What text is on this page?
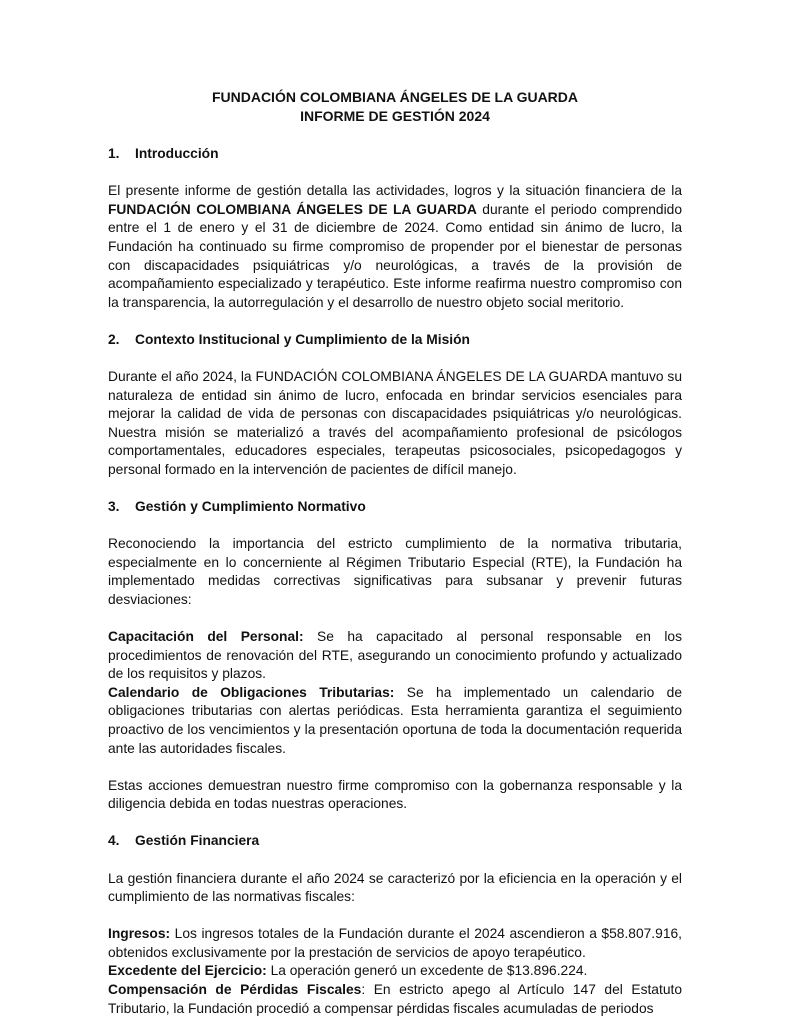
FUNDACIÓN COLOMBIANA ÁNGELES DE LA GUARDA
INFORME DE GESTIÓN 2024
1.	Introducción

El presente informe de gestión detalla las actividades, logros y la situación financiera de la FUNDACIÓN COLOMBIANA ÁNGELES DE LA GUARDA durante el periodo comprendido entre el 1 de enero y el 31 de diciembre de 2024. Como entidad sin ánimo de lucro, la Fundación ha continuado su firme compromiso de propender por el bienestar de personas con discapacidades psiquiátricas y/o neurológicas, a través de la provisión de acompañamiento especializado y terapéutico. Este informe reafirma nuestro compromiso con la transparencia, la autorregulación y el desarrollo de nuestro objeto social meritorio.

2.	Contexto Institucional y Cumplimiento de la Misión

Durante el año 2024, la FUNDACIÓN COLOMBIANA ÁNGELES DE LA GUARDA mantuvo su naturaleza de entidad sin ánimo de lucro, enfocada en brindar servicios esenciales para mejorar la calidad de vida de personas con discapacidades psiquiátricas y/o neurológicas. Nuestra misión se materializó a través del acompañamiento profesional de psicólogos comportamentales, educadores especiales, terapeutas psicosociales, psicopedagogos y personal formado en la intervención de pacientes de difícil manejo.

3.	Gestión y Cumplimiento Normativo

Reconociendo la importancia del estricto cumplimiento de la normativa tributaria, especialmente en lo concerniente al Régimen Tributario Especial (RTE), la Fundación ha implementado medidas correctivas significativas para subsanar y prevenir futuras desviaciones:

Capacitación del Personal: Se ha capacitado al personal responsable en los procedimientos de renovación del RTE, asegurando un conocimiento profundo y actualizado de los requisitos y plazos.

Calendario de Obligaciones Tributarias: Se ha implementado un calendario de obligaciones tributarias con alertas periódicas. Esta herramienta garantiza el seguimiento proactivo de los vencimientos y la presentación oportuna de toda la documentación requerida ante las autoridades fiscales.

Estas acciones demuestran nuestro firme compromiso con la gobernanza responsable y la diligencia debida en todas nuestras operaciones.

4.	Gestión Financiera

La gestión financiera durante el año 2024 se caracterizó por la eficiencia en la operación y el cumplimiento de las normativas fiscales:

Ingresos: Los ingresos totales de la Fundación durante el 2024 ascendieron a $58.807.916, obtenidos exclusivamente por la prestación de servicios de apoyo terapéutico.

Excedente del Ejercicio: La operación generó un excedente de $13.896.224.

Compensación de Pérdidas Fiscales: En estricto apego al Artículo 147 del Estatuto Tributario, la Fundación procedió a compensar pérdidas fiscales acumuladas de periodos
